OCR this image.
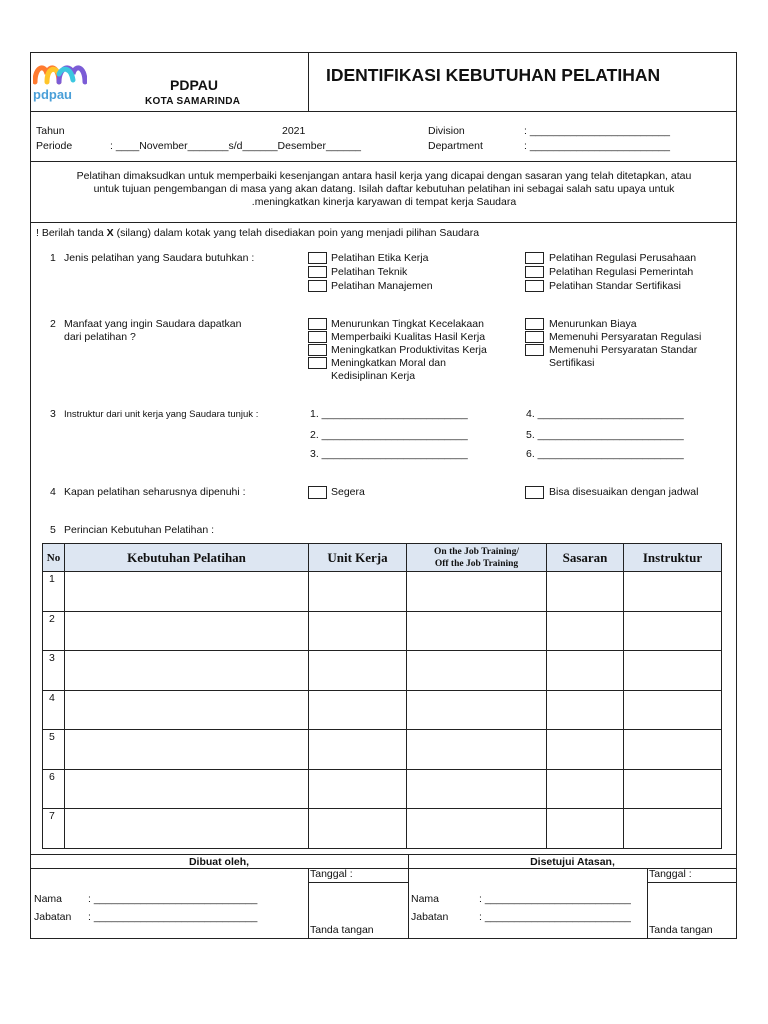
pdpau
PDPAU
KOTA SAMARINDA
IDENTIFIKASI KEBUTUHAN PELATIHAN
Tahun	2021
Periode	: ____November_______s/d______Desember______
Division	: ________________________
Department	: ________________________
Pelatihan dimaksudkan untuk memperbaiki kesenjangan antara hasil kerja yang dicapai dengan sasaran yang telah ditetapkan, atau
untuk tujuan pengembangan di masa yang akan datang. Isilah daftar kebutuhan pelatihan ini sebagai salah satu upaya untuk
.meningkatkan kinerja karyawan di tempat kerja Saudara
! Berilah tanda X (silang) dalam kotak yang telah disediakan poin yang menjadi pilihan Saudara
1 Jenis pelatihan yang Saudara butuhkan :	Pelatihan Etika Kerja
Pelatihan Teknik
Pelatihan Manajemen
Pelatihan Regulasi Perusahaan
Pelatihan Regulasi Pemerintah
Pelatihan Standar Sertifikasi
2 Manfaat yang ingin Saudara dapatkan
dari pelatihan ?
Menurunkan Tingkat Kecelakaan
Memperbaiki Kualitas Hasil Kerja
Meningkatkan Produktivitas Kerja
Meningkatkan Moral dan
Kedisiplinan Kerja
Menurunkan Biaya
Memenuhi Persyaratan Regulasi
Memenuhi Persyaratan Standar
Sertifikasi
3 Instruktur dari unit kerja yang Saudara tunjuk :	1. _________________________
2. _________________________
3. _________________________
4. _________________________
5. _________________________
6. _________________________
4 Kapan pelatihan seharusnya dipenuhi :	Segera	Bisa disesuaikan dengan jadwal
5 Perincian Kebutuhan Pelatihan :
No	Kebutuhan Pelatihan	Unit Kerja	On the Job Training/
Off the Job Training	Sasaran	Instruktur
1					
2					
3					
4					
5					
6					
7					
Dibuat oleh,	Disetujui Atasan,
Tanggal :	Tanggal :
Tanda tangan	Tanda tangan
Nama : ____________________________
Jabatan : ____________________________
Nama	: _________________________
Jabatan	: _________________________
